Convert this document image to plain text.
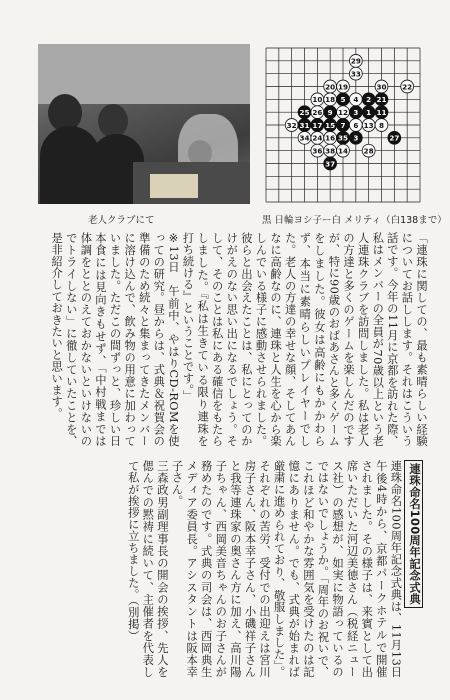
老人クラブにて
29
33
30 22
20 19
10 18 5 4 2 21
25 26 9 12 3 1 11
32 31 17 15 7 6 13 8
34 24 16 35 3	27
36 38 14 28
37
黒 日輪ヨシ子ー白 メリティ（白138まで）
「連珠に関しての、最も素晴らしい経験についてお話しします。それはこういう話です。今年の11月に京都を訪れた際、私はメンバーの全員が70歳以上という老人連珠クラブを訪問しました。私は老人の方達と多くのゲームを楽しんだのですが、特に90歳のおばあさんと多くゲームをしました。彼女は高齢にもかかわらず、本当に素晴らしいプレイヤーでした。老人の方達の幸せな顔、そしてあんなに高齢なのに、連珠と人生を心から楽しんでいる様子に感動させられました。彼らと出会えたことは、私にとってのかけがえのない思い出になるでしょう。そして、そのことは私にある確信をもたらしました。『私は生きている限り連珠を打ち続ける』ということです。」
※13日　午前中、やはりCD-ROMを使っての研究。昼からは、式典＆祝賀会の準備のため続々と集まってきたメンバーに溶け込んで、飲み物の用意に加わっていました。ただこの間ずっと、珍しい日本食には見向きもせず、「中村戦までは体調をととのえておかないといけないのでトライしない」に徹していたことを、是非紹介しておきたいと思います。
連珠命名100周年記念式典
連珠命名100周年記念式典は、11月13日午後4時から、京都パークホテルで開催されました。その様子は、来賓として出席いただいた河辺美徳さん（税経ニュース社）の感想が、如実に物語っているのではないでしょうか。「周年のお祝いで、これほど和やかな雰囲気を受けたのは記憶にありません。でも、式典が始まれば厳粛に進められており、敬服しました」。それぞれの苦労、受付での出迎えは宮川房子さん、阪本幸子さん、小磯祥子さんと我等連珠家の奥さん方に加え、高川陽子ちゃん、西岡美音ちゃんのお子さんが務めたのです。式典の司会は、西岡典生メディア委員長。アシスタントは阪本幸子さん。
三森政男副理事長の開会の挨拶、先人を偲んでの黙祷に続いて、主催者を代表して私が挨拶に立ちました。（別掲）
